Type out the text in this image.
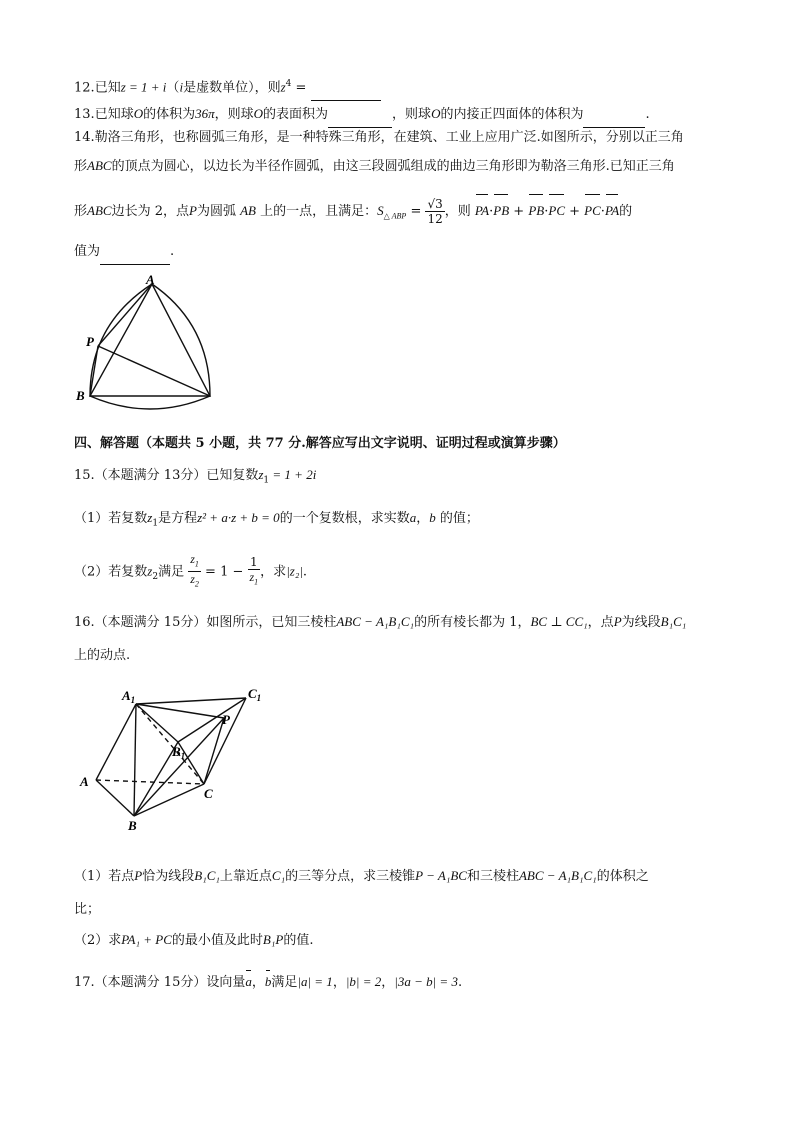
12.已知z = 1 + i（i是虚数单位），则$z^4$ =
13.已知球O的体积为36π，则球O的表面积为	，则球O的内接正四面体的体积为	.
14.勒洛三角形，也称圆弧三角形，是一种特殊三角形，在建筑、工业上应用广泛.如图所示，分别以正三角
形ABC的顶点为圆心，以边长为半径作圆弧，由这三段圆弧组成的曲边三角形即为勒洛三角形.已知正三角
形ABC边长为 2，点P为圆弧 AB 上的一点，且满足：$S_{\triangle ABP} = \frac{√3}{12}$ ，则 PA·PB + PB·PC + PC·PA的
值为	.
A
B
P
四、解答题（本题共 5 小题，共 77 分.解答应写出文字说明、证明过程或演算步骤）
15.（本题满分 13分）已知复数$z_1 = 1 + 2i$
（1）若复数$z_1$是方程z² + a·z + b = 0的一个复数根，求实数a，b 的值；
（2）若复数$z_2$满足 $\frac{z_1}{z_2} = 1 - \frac{1}{z_1}$ ，求|z₂|.
16.（本题满分 15分）如图所示，已知三棱柱ABC − A₁B₁C₁的所有棱长都为 1，BC ⊥ CC₁，点P为线段B₁C₁
上的动点.
$A_1$	$C_1$
$B_1$
P
A
B
C
（1）若点P恰为线段B₁C₁上靠近点C₁的三等分点，求三棱锥P − A₁BC和三棱柱ABC − A₁B₁C₁的体积之
比；
（2）求PA₁ + PC的最小值及此时B₁P的值.
17.（本题满分 15分）设向量a，b满足|a| = 1，|b| = 2，|3a − b| = 3.
